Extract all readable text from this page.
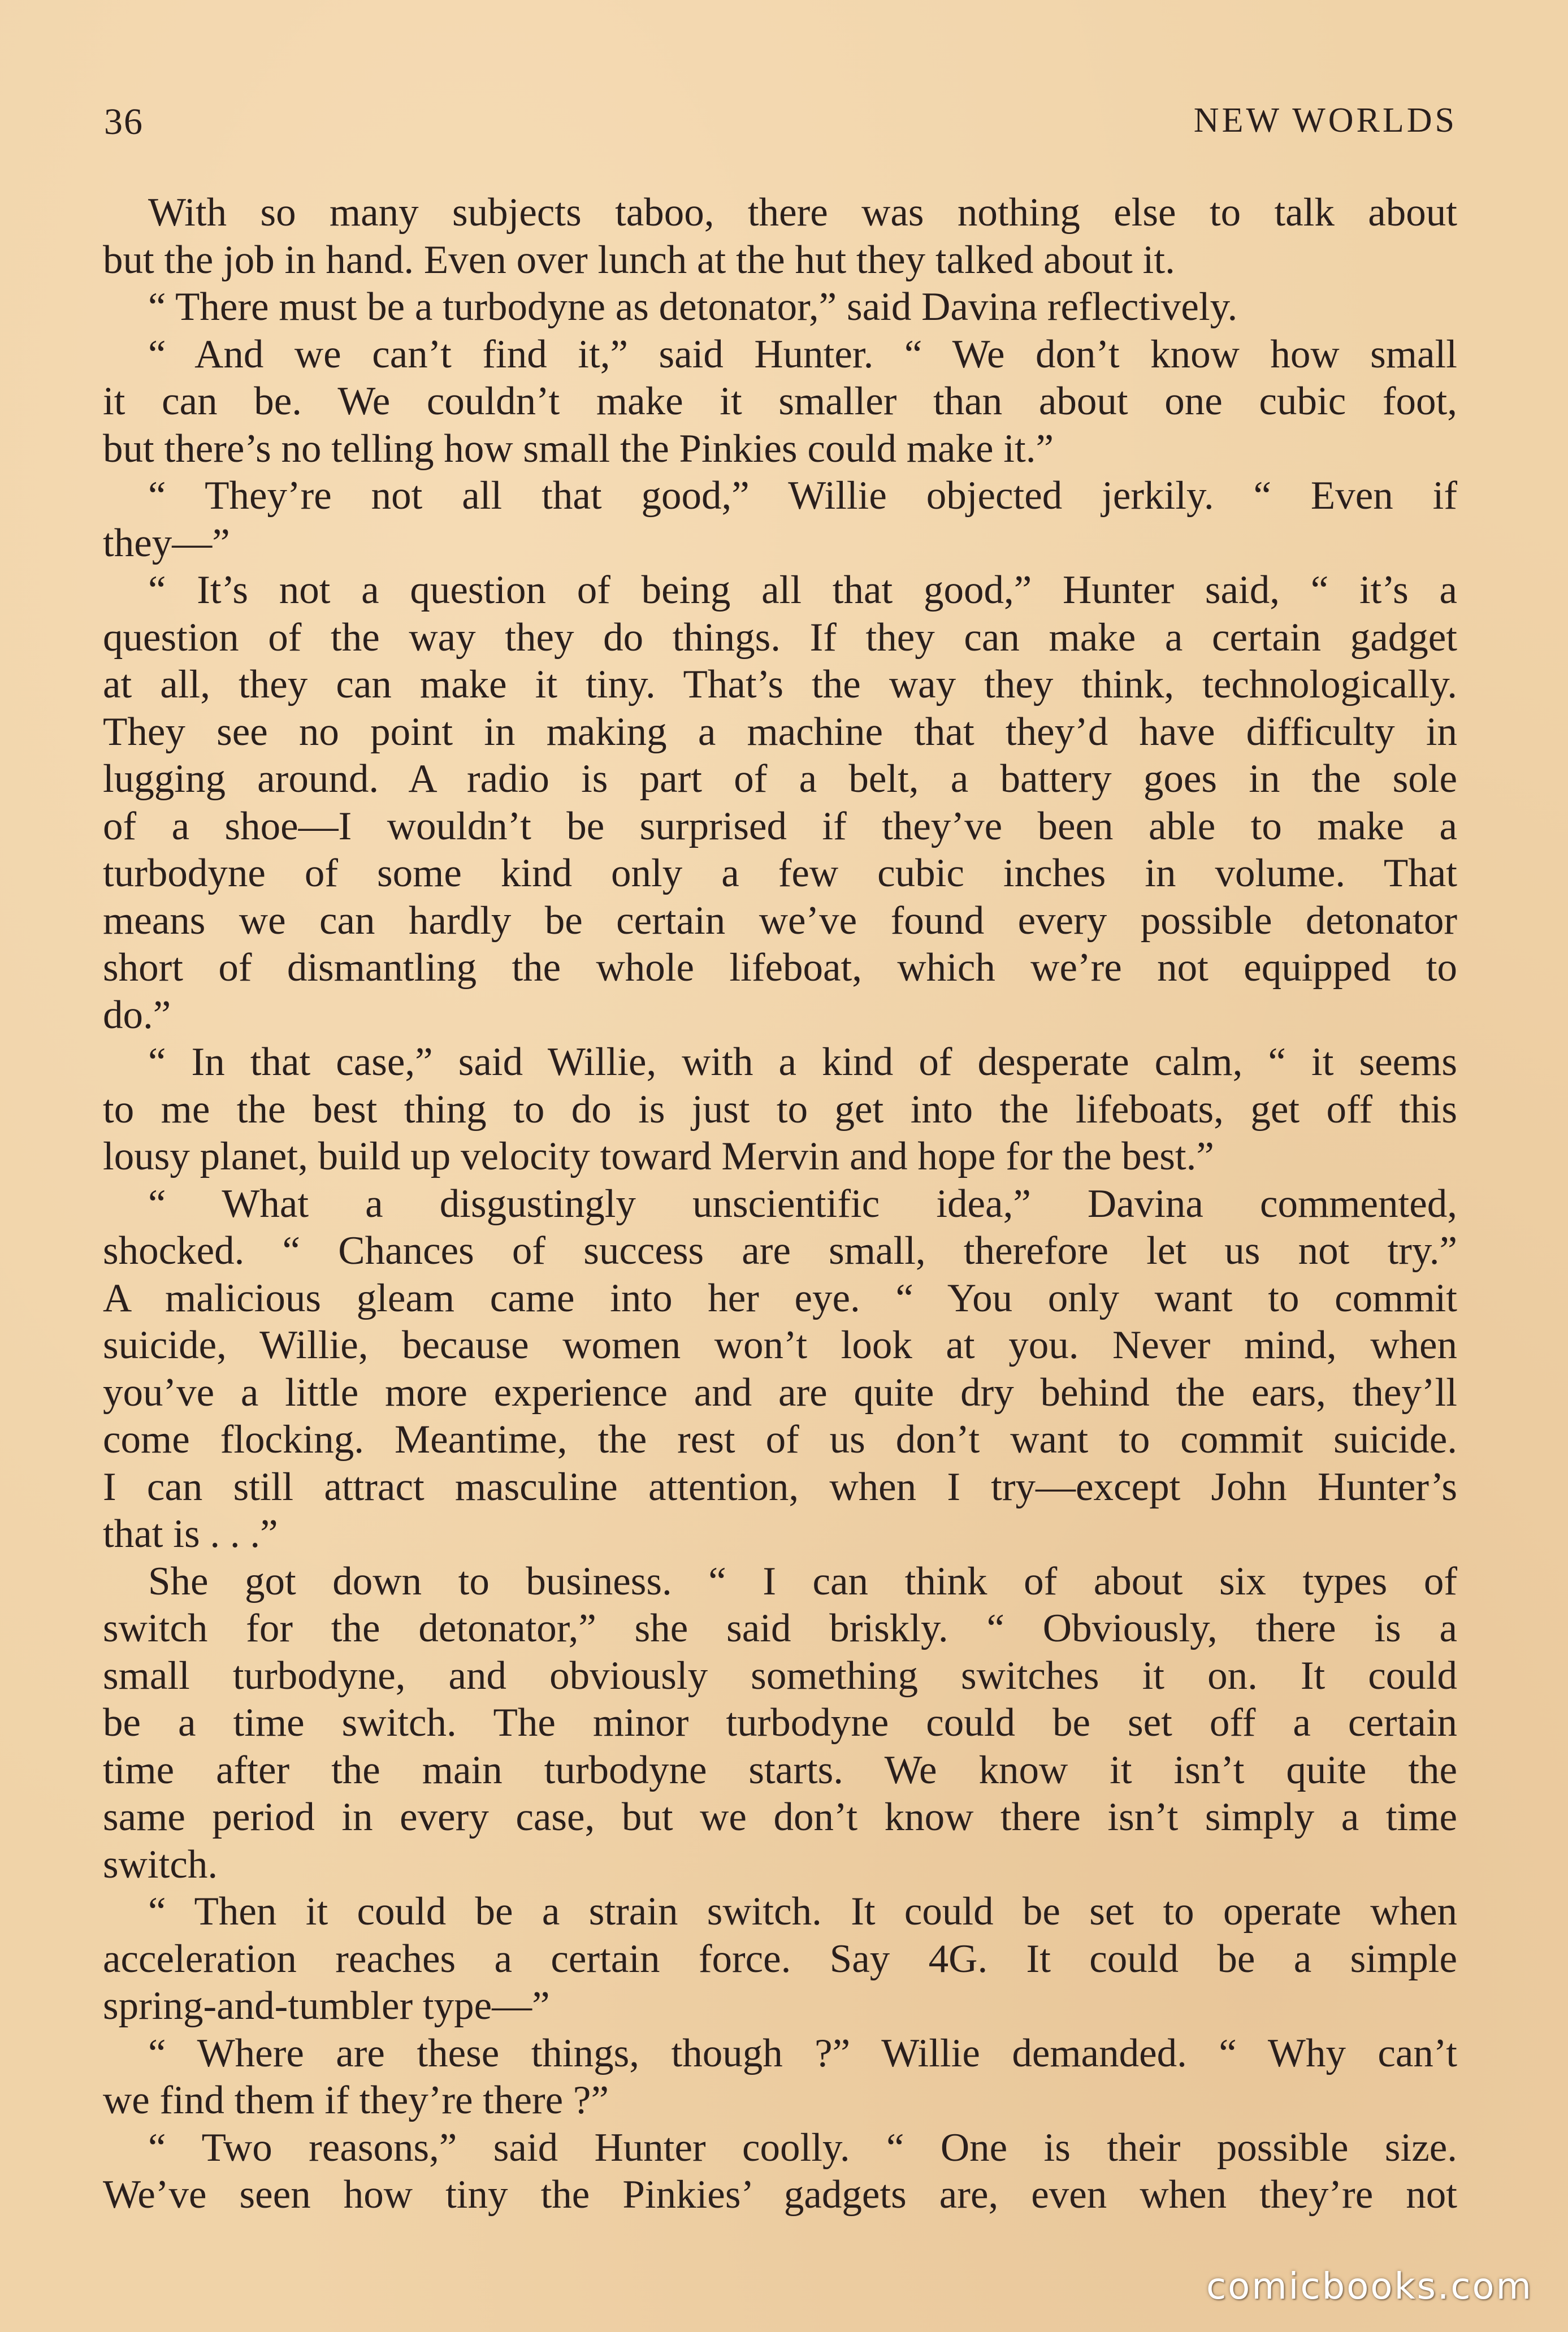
36	NEW WORLDS
With so many subjects taboo, there was nothing else to talk about
but the job in hand. Even over lunch at the hut they talked about it.
“ There must be a turbodyne as detonator,” said Davina reflectively.
“ And we can’t find it,” said Hunter. “ We don’t know how small
it can be. We couldn’t make it smaller than about one cubic foot,
but there’s no telling how small the Pinkies could make it.”
“ They’re not all that good,” Willie objected jerkily. “ Even if
they—”
“ It’s not a question of being all that good,” Hunter said, “ it’s a
question of the way they do things. If they can make a certain gadget
at all, they can make it tiny. That’s the way they think, technologically.
They see no point in making a machine that they’d have difficulty in
lugging around. A radio is part of a belt, a battery goes in the sole
of a shoe—I wouldn’t be surprised if they’ve been able to make a
turbodyne of some kind only a few cubic inches in volume. That
means we can hardly be certain we’ve found every possible detonator
short of dismantling the whole lifeboat, which we’re not equipped to
do.”
“ In that case,” said Willie, with a kind of desperate calm, “ it seems
to me the best thing to do is just to get into the lifeboats, get off this
lousy planet, build up velocity toward Mervin and hope for the best.”
“ What a disgustingly unscientific idea,” Davina commented,
shocked. “ Chances of success are small, therefore let us not try.”
A malicious gleam came into her eye. “ You only want to commit
suicide, Willie, because women won’t look at you. Never mind, when
you’ve a little more experience and are quite dry behind the ears, they’ll
come flocking. Meantime, the rest of us don’t want to commit suicide.
I can still attract masculine attention, when I try—except John Hunter’s
that is . . .”
She got down to business. “ I can think of about six types of
switch for the detonator,” she said briskly. “ Obviously, there is a
small turbodyne, and obviously something switches it on. It could
be a time switch. The minor turbodyne could be set off a certain
time after the main turbodyne starts. We know it isn’t quite the
same period in every case, but we don’t know there isn’t simply a time
switch.
“ Then it could be a strain switch. It could be set to operate when
acceleration reaches a certain force. Say 4G. It could be a simple
spring-and-tumbler type—”
“ Where are these things, though ?” Willie demanded. “ Why can’t
we find them if they’re there ?”
“ Two reasons,” said Hunter coolly. “ One is their possible size.
We’ve seen how tiny the Pinkies’ gadgets are, even when they’re not
comicbooks.com
